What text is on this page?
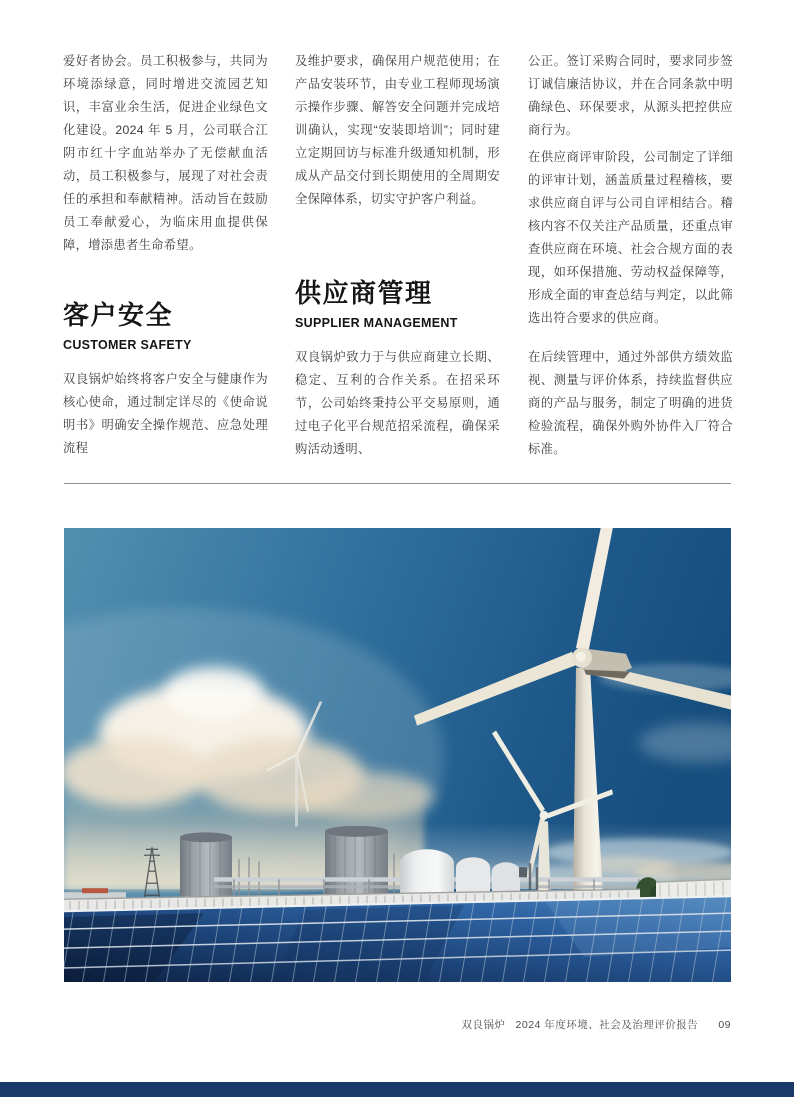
爱好者协会。员工积极参与，共同为环境添绿意，同时增进交流园艺知识，丰富业余生活，促进企业绿色文化建设。2024 年 5 月，公司联合江阴市红十字血站举办了无偿献血活动，员工积极参与，展现了对社会责任的承担和奉献精神。活动旨在鼓励员工奉献爱心，为临床用血提供保障，增添患者生命希望。
客户安全
CUSTOMER SAFETY
双良锅炉始终将客户安全与健康作为核心使命，通过制定详尽的《使命说明书》明确安全操作规范、应急处理流程
及维护要求，确保用户规范使用；在产品安装环节，由专业工程师现场演示操作步骤、解答安全问题并完成培训确认，实现“安装即培训”；同时建立定期回访与标准升级通知机制，形成从产品交付到长期使用的全周期安全保障体系，切实守护客户利益。
供应商管理
SUPPLIER MANAGEMENT
双良锅炉致力于与供应商建立长期、稳定、互利的合作关系。在招采环节，公司始终秉持公平交易原则，通过电子化平台规范招采流程，确保采购活动透明、
公正。签订采购合同时，要求同步签订诚信廉洁协议，并在合同条款中明确绿色、环保要求，从源头把控供应商行为。
在供应商评审阶段，公司制定了详细的评审计划，涵盖质量过程稽核，要求供应商自评与公司自评相结合。稽核内容不仅关注产品质量，还重点审查供应商在环境、社会合规方面的表现，如环保措施、劳动权益保障等，形成全面的审查总结与判定，以此筛选出符合要求的供应商。
在后续管理中，通过外部供方绩效监视、测量与评价体系，持续监督供应商的产品与服务，制定了明确的进货检验流程，确保外购外协件入厂符合标准。
双良锅炉 2024 年度环境、社会及治理评价报告 09
